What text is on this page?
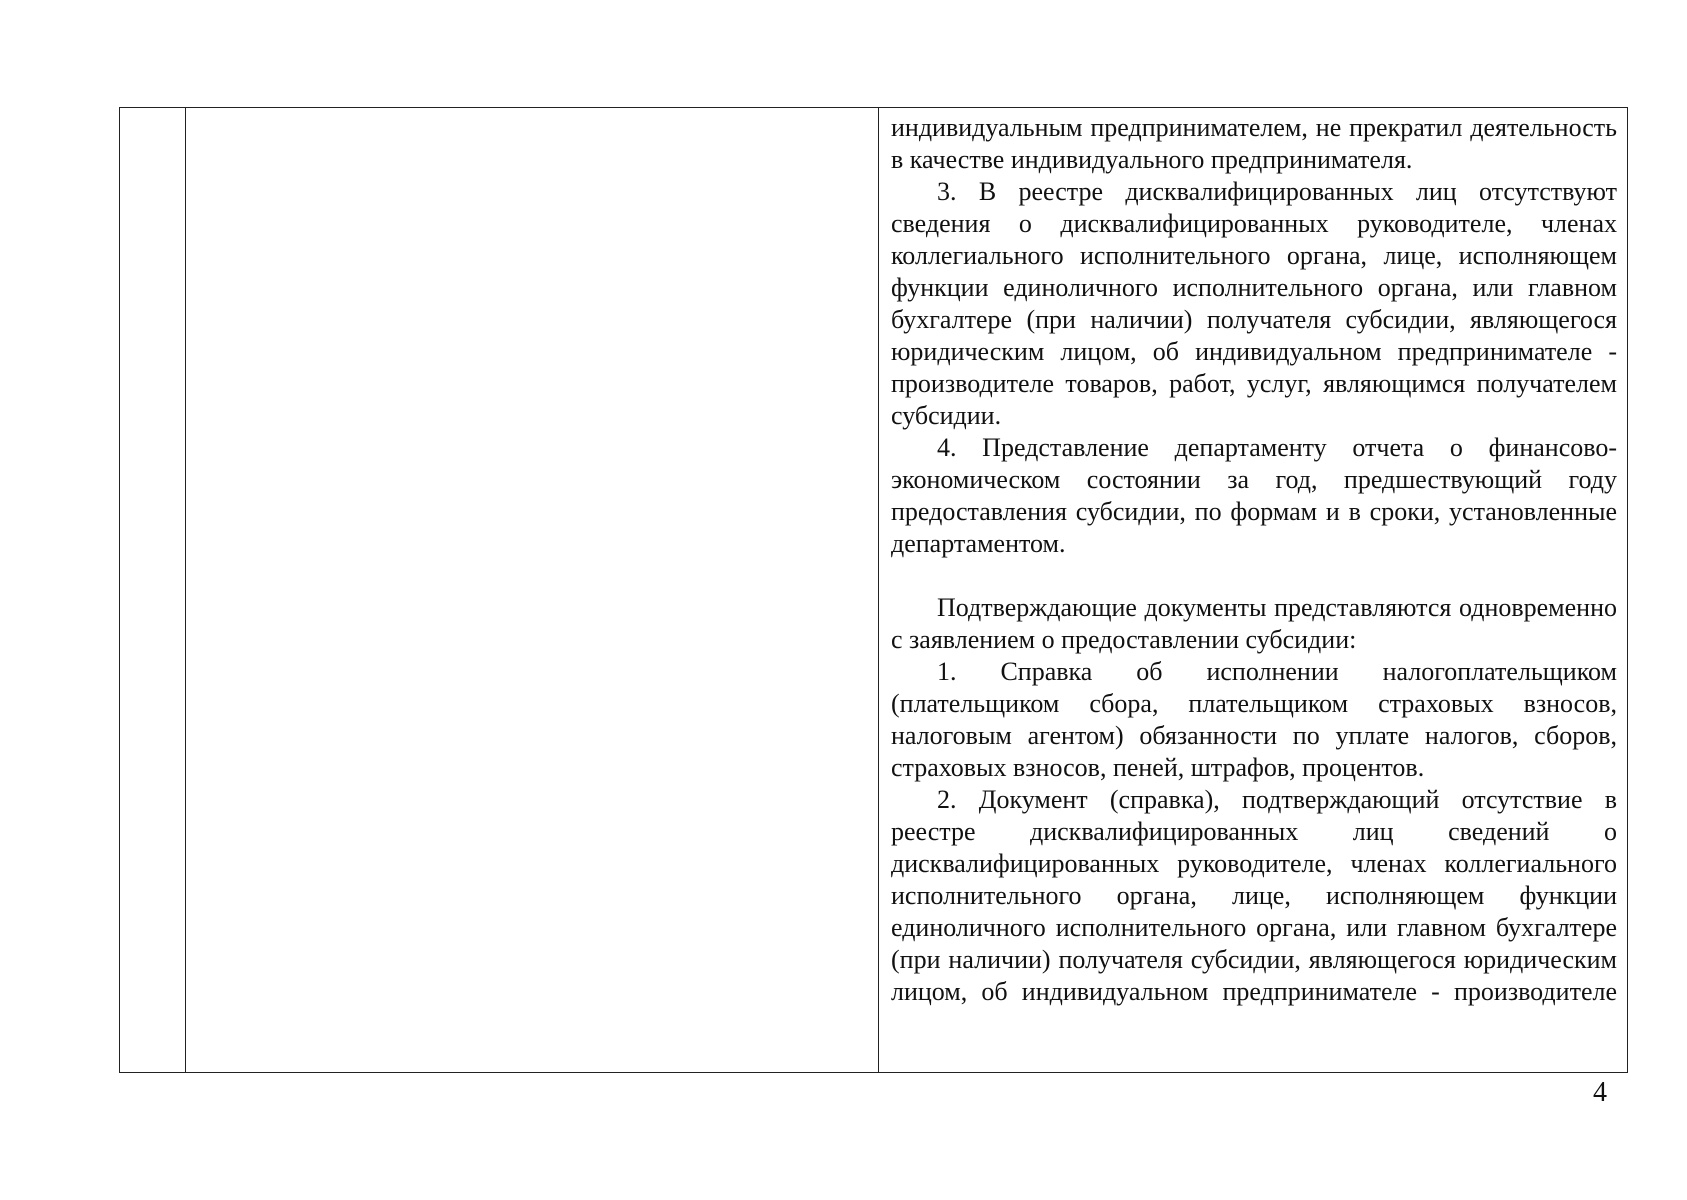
индивидуальным предпринимателем, не прекратил деятельность в качестве индивидуального предпринимателя.

3. В реестре дисквалифицированных лиц отсутствуют сведения о дисквалифицированных руководителе, членах коллегиального исполнительного органа, лице, исполняющем функции единоличного исполнительного органа, или главном бухгалтере (при наличии) получателя субсидии, являющегося юридическим лицом, об индивидуальном предпринимателе - производителе товаров, работ, услуг, являющимся получателем субсидии.

4. Представление департаменту отчета о финансово-экономическом состоянии за год, предшествующий году предоставления субсидии, по формам и в сроки, установленные департаментом.

Подтверждающие документы представляются одновременно с заявлением о предоставлении субсидии:

1. Справка об исполнении налогоплательщиком (плательщиком сбора, плательщиком страховых взносов, налоговым агентом) обязанности по уплате налогов, сборов, страховых взносов, пеней, штрафов, процентов.

2. Документ (справка), подтверждающий отсутствие в реестре дисквалифицированных лиц сведений о дисквалифицированных руководителе, членах коллегиального исполнительного органа, лице, исполняющем функции единоличного исполнительного органа, или главном бухгалтере (при наличии) получателя субсидии, являющегося юридическим лицом, об индивидуальном предпринимателе - производителе

4
